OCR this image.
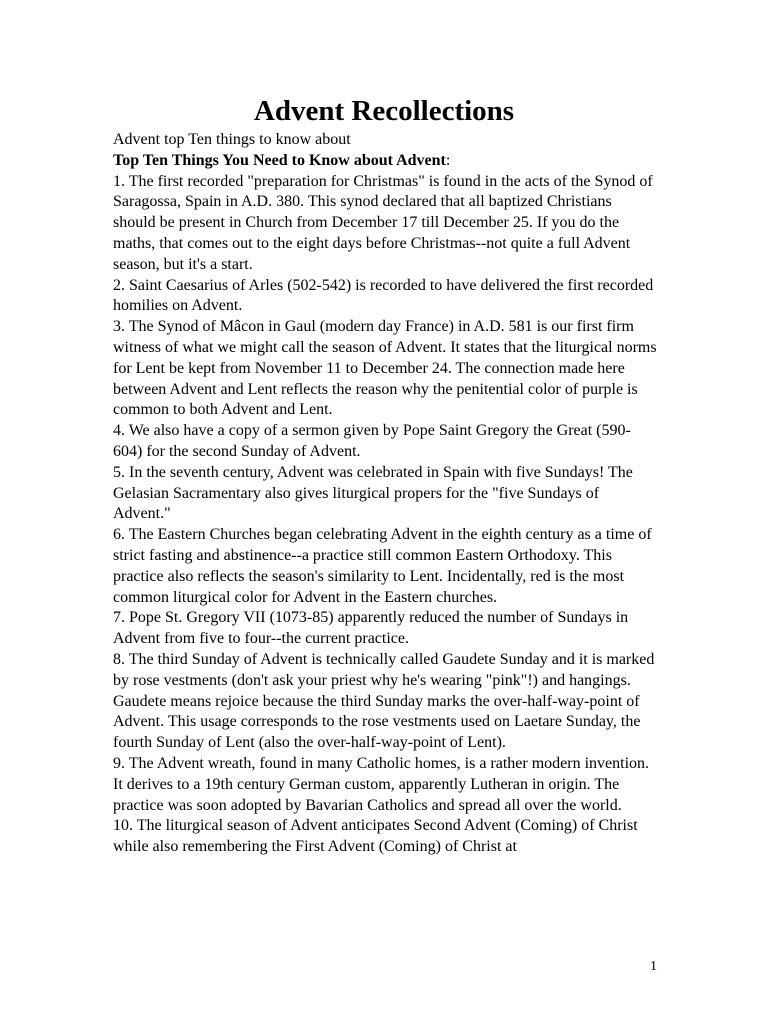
Advent Recollections

Advent top Ten things to know about

Top Ten Things You Need to Know about Advent:

1. The first recorded "preparation for Christmas" is found in the acts of the Synod of Saragossa, Spain in A.D. 380. This synod declared that all baptized Christians should be present in Church from December 17 till December 25. If you do the maths, that comes out to the eight days before Christmas--not quite a full Advent season, but it's a start.

2. Saint Caesarius of Arles (502-542) is recorded to have delivered the first recorded homilies on Advent.

3. The Synod of Mâcon in Gaul (modern day France) in A.D. 581 is our first firm witness of what we might call the season of Advent. It states that the liturgical norms for Lent be kept from November 11 to December 24. The connection made here between Advent and Lent reflects the reason why the penitential color of purple is common to both Advent and Lent.

4. We also have a copy of a sermon given by Pope Saint Gregory the Great (590-604) for the second Sunday of Advent.

5. In the seventh century, Advent was celebrated in Spain with five Sundays! The Gelasian Sacramentary also gives liturgical propers for the "five Sundays of Advent."

6. The Eastern Churches began celebrating Advent in the eighth century as a time of strict fasting and abstinence--a practice still common Eastern Orthodoxy. This practice also reflects the season's similarity to Lent. Incidentally, red is the most common liturgical color for Advent in the Eastern churches.

7. Pope St. Gregory VII (1073-85) apparently reduced the number of Sundays in Advent from five to four--the current practice.

8. The third Sunday of Advent is technically called Gaudete Sunday and it is marked by rose vestments (don't ask your priest why he's wearing "pink"!) and hangings. Gaudete means rejoice because the third Sunday marks the over-half-way-point of Advent. This usage corresponds to the rose vestments used on Laetare Sunday, the fourth Sunday of Lent (also the over-half-way-point of Lent).

9. The Advent wreath, found in many Catholic homes, is a rather modern invention. It derives to a 19th century German custom, apparently Lutheran in origin. The practice was soon adopted by Bavarian Catholics and spread all over the world.

10. The liturgical season of Advent anticipates Second Advent (Coming) of Christ while also remembering the First Advent (Coming) of Christ at

1
